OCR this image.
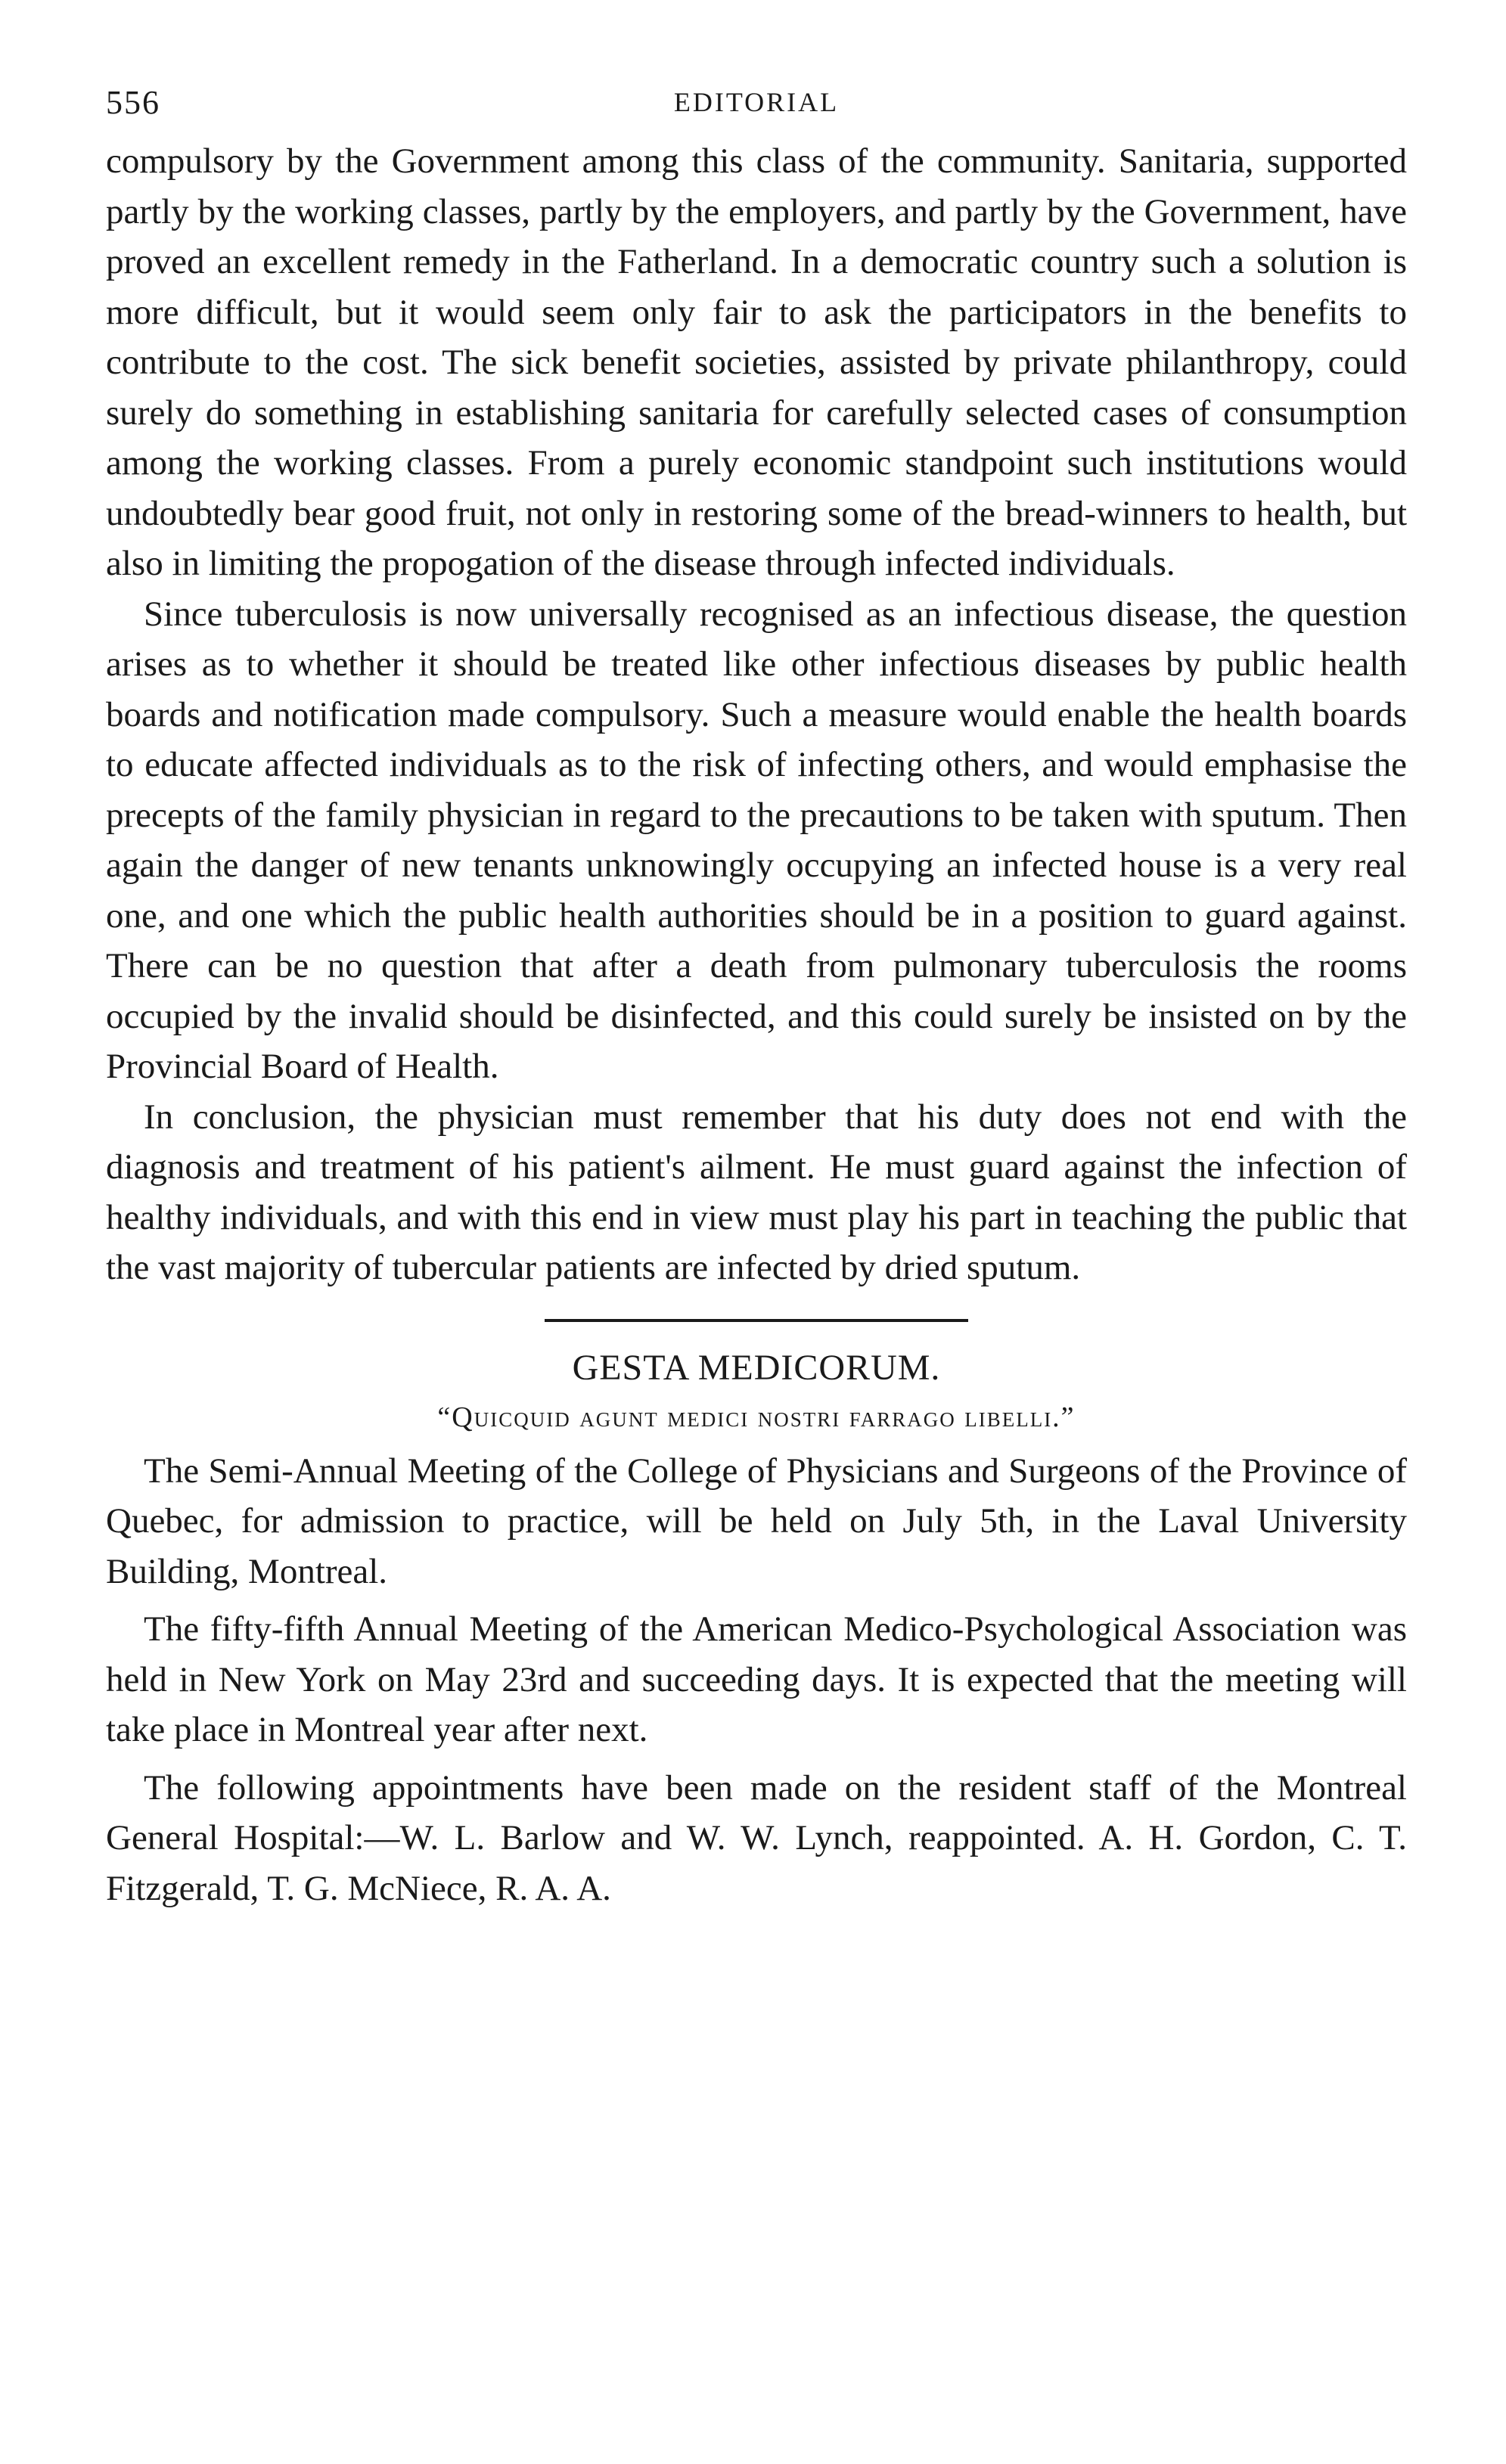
556	EDITORIAL

compulsory by the Government among this class of the community. Sanitaria, supported partly by the working classes, partly by the employers, and partly by the Government, have proved an excellent remedy in the Fatherland. In a democratic country such a solution is more difficult, but it would seem only fair to ask the participators in the benefits to contribute to the cost. The sick benefit societies, assisted by private philanthropy, could surely do something in establishing sanitaria for carefully selected cases of consumption among the working classes. From a purely economic standpoint such institutions would undoubtedly bear good fruit, not only in restoring some of the bread-winners to health, but also in limiting the propogation of the disease through infected individuals.

Since tuberculosis is now universally recognised as an infectious disease, the question arises as to whether it should be treated like other infectious diseases by public health boards and notification made compulsory. Such a measure would enable the health boards to educate affected individuals as to the risk of infecting others, and would emphasise the precepts of the family physician in regard to the precautions to be taken with sputum. Then again the danger of new tenants unknowingly occupying an infected house is a very real one, and one which the public health authorities should be in a position to guard against. There can be no question that after a death from pulmonary tuberculosis the rooms occupied by the invalid should be disinfected, and this could surely be insisted on by the Provincial Board of Health.

In conclusion, the physician must remember that his duty does not end with the diagnosis and treatment of his patient's ailment. He must guard against the infection of healthy individuals, and with this end in view must play his part in teaching the public that the vast majority of tubercular patients are infected by dried sputum.

GESTA MEDICORUM.
“Quicquid agunt medici nostri farrago libelli.”

The Semi-Annual Meeting of the College of Physicians and Surgeons of the Province of Quebec, for admission to practice, will be held on July 5th, in the Laval University Building, Montreal.

The fifty-fifth Annual Meeting of the American Medico-Psychological Association was held in New York on May 23rd and succeeding days. It is expected that the meeting will take place in Montreal year after next.

The following appointments have been made on the resident staff of the Montreal General Hospital:—W. L. Barlow and W. W. Lynch, reappointed. A. H. Gordon, C. T. Fitzgerald, T. G. McNiece, R. A. A.
